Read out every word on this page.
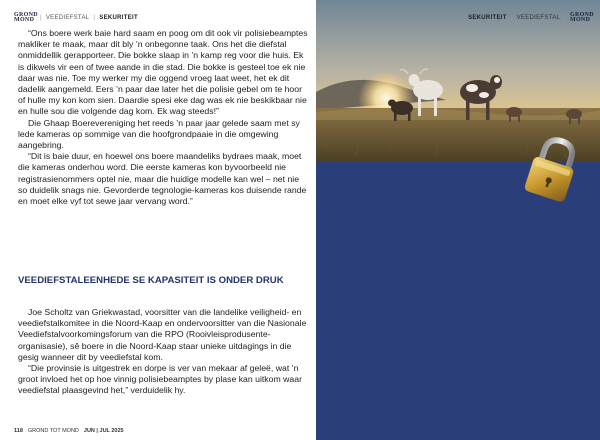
GROND
MOND | VEEDIEFSTAL | SEKURITEIT

“Ons boere werk baie hard saam en poog om dit ook vir polisiebeamptes makliker te maak, maar dit bly ’n onbegonne taak. Ons het die diefstal onmiddellik gerapporteer. Die bokke slaap in ’n kamp reg voor die huis. Ek is dikwels vir een of twee aande in die stad. Die bokke is gesteel toe ek nie daar was nie. Toe my werker my die oggend vroeg laat weet, het ek dit dadelik aangemeld. Eers ’n paar dae later het die polisie gebel om te hoor of hulle my kon kom sien. Daardie spesi eke dag was ek nie beskikbaar nie en hulle sou die volgende dag kom. Ek wag steeds!”

Die Ghaap Boerevereniging het reeds ’n paar jaar gelede saam met sy lede kameras op sommige van die hoofgrondpaaie in die omgewing aangebring.

“Dit is baie duur, en hoewel ons boere maandeliks bydraes maak, moet die kameras onderhou word. Die eerste kameras kon byvoorbeeld nie registrasienommers optel nie, maar die huidige modelle kan wel – net nie so duidelik snags nie. Gevorderde tegnologie-kameras kos duisende rande en moet elke vyf tot sewe jaar vervang word.”

VEEDIEFSTALEENHEDE SE KAPASITEIT IS ONDER DRUK

Joe Scholtz van Griekwastad, voorsitter van die landelike veiligheid- en veediefstalkomitee in die Noord-Kaap en ondervoorsitter van die Nasionale Veediefstalvoorkomingsforum van die RPO (Rooivleisprodusenteorganisasie), sê boere in die Noord-Kaap staar unieke uitdagings in die gesig wanneer dit by veediefstal kom.

“Die provinsie is uitgestrek en dorpe is ver van mekaar af geleë, wat ’n groot invloed het op hoe vinnig polisiebeamptes by plase kan uitkom waar veediefstal plaasgevind het,” verduidelik hy.

118 GROND TOT MOND JUN | JUL 2025
SEKURITEIT | VEEDIEFSTAL |
GROND
MOND
